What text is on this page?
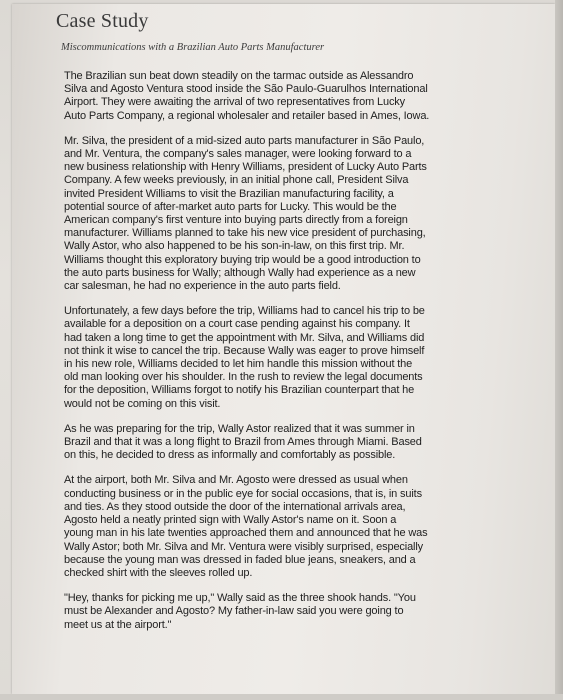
Case Study
Miscommunications with a Brazilian Auto Parts Manufacturer

The Brazilian sun beat down steadily on the tarmac outside as Alessandro
Silva and Agosto Ventura stood inside the São Paulo-Guarulhos International
Airport. They were awaiting the arrival of two representatives from Lucky
Auto Parts Company, a regional wholesaler and retailer based in Ames, Iowa.

Mr. Silva, the president of a mid-sized auto parts manufacturer in São Paulo,
and Mr. Ventura, the company's sales manager, were looking forward to a
new business relationship with Henry Williams, president of Lucky Auto Parts
Company. A few weeks previously, in an initial phone call, President Silva
invited President Williams to visit the Brazilian manufacturing facility, a
potential source of after-market auto parts for Lucky. This would be the
American company's first venture into buying parts directly from a foreign
manufacturer. Williams planned to take his new vice president of purchasing,
Wally Astor, who also happened to be his son-in-law, on this first trip. Mr.
Williams thought this exploratory buying trip would be a good introduction to
the auto parts business for Wally; although Wally had experience as a new
car salesman, he had no experience in the auto parts field.

Unfortunately, a few days before the trip, Williams had to cancel his trip to be
available for a deposition on a court case pending against his company. It
had taken a long time to get the appointment with Mr. Silva, and Williams did
not think it wise to cancel the trip. Because Wally was eager to prove himself
in his new role, Williams decided to let him handle this mission without the
old man looking over his shoulder. In the rush to review the legal documents
for the deposition, Williams forgot to notify his Brazilian counterpart that he
would not be coming on this visit.

As he was preparing for the trip, Wally Astor realized that it was summer in
Brazil and that it was a long flight to Brazil from Ames through Miami. Based
on this, he decided to dress as informally and comfortably as possible.

At the airport, both Mr. Silva and Mr. Agosto were dressed as usual when
conducting business or in the public eye for social occasions, that is, in suits
and ties. As they stood outside the door of the international arrivals area,
Agosto held a neatly printed sign with Wally Astor's name on it. Soon a
young man in his late twenties approached them and announced that he was
Wally Astor; both Mr. Silva and Mr. Ventura were visibly surprised, especially
because the young man was dressed in faded blue jeans, sneakers, and a
checked shirt with the sleeves rolled up.

"Hey, thanks for picking me up," Wally said as the three shook hands. "You
must be Alexander and Agosto? My father-in-law said you were going to
meet us at the airport."
